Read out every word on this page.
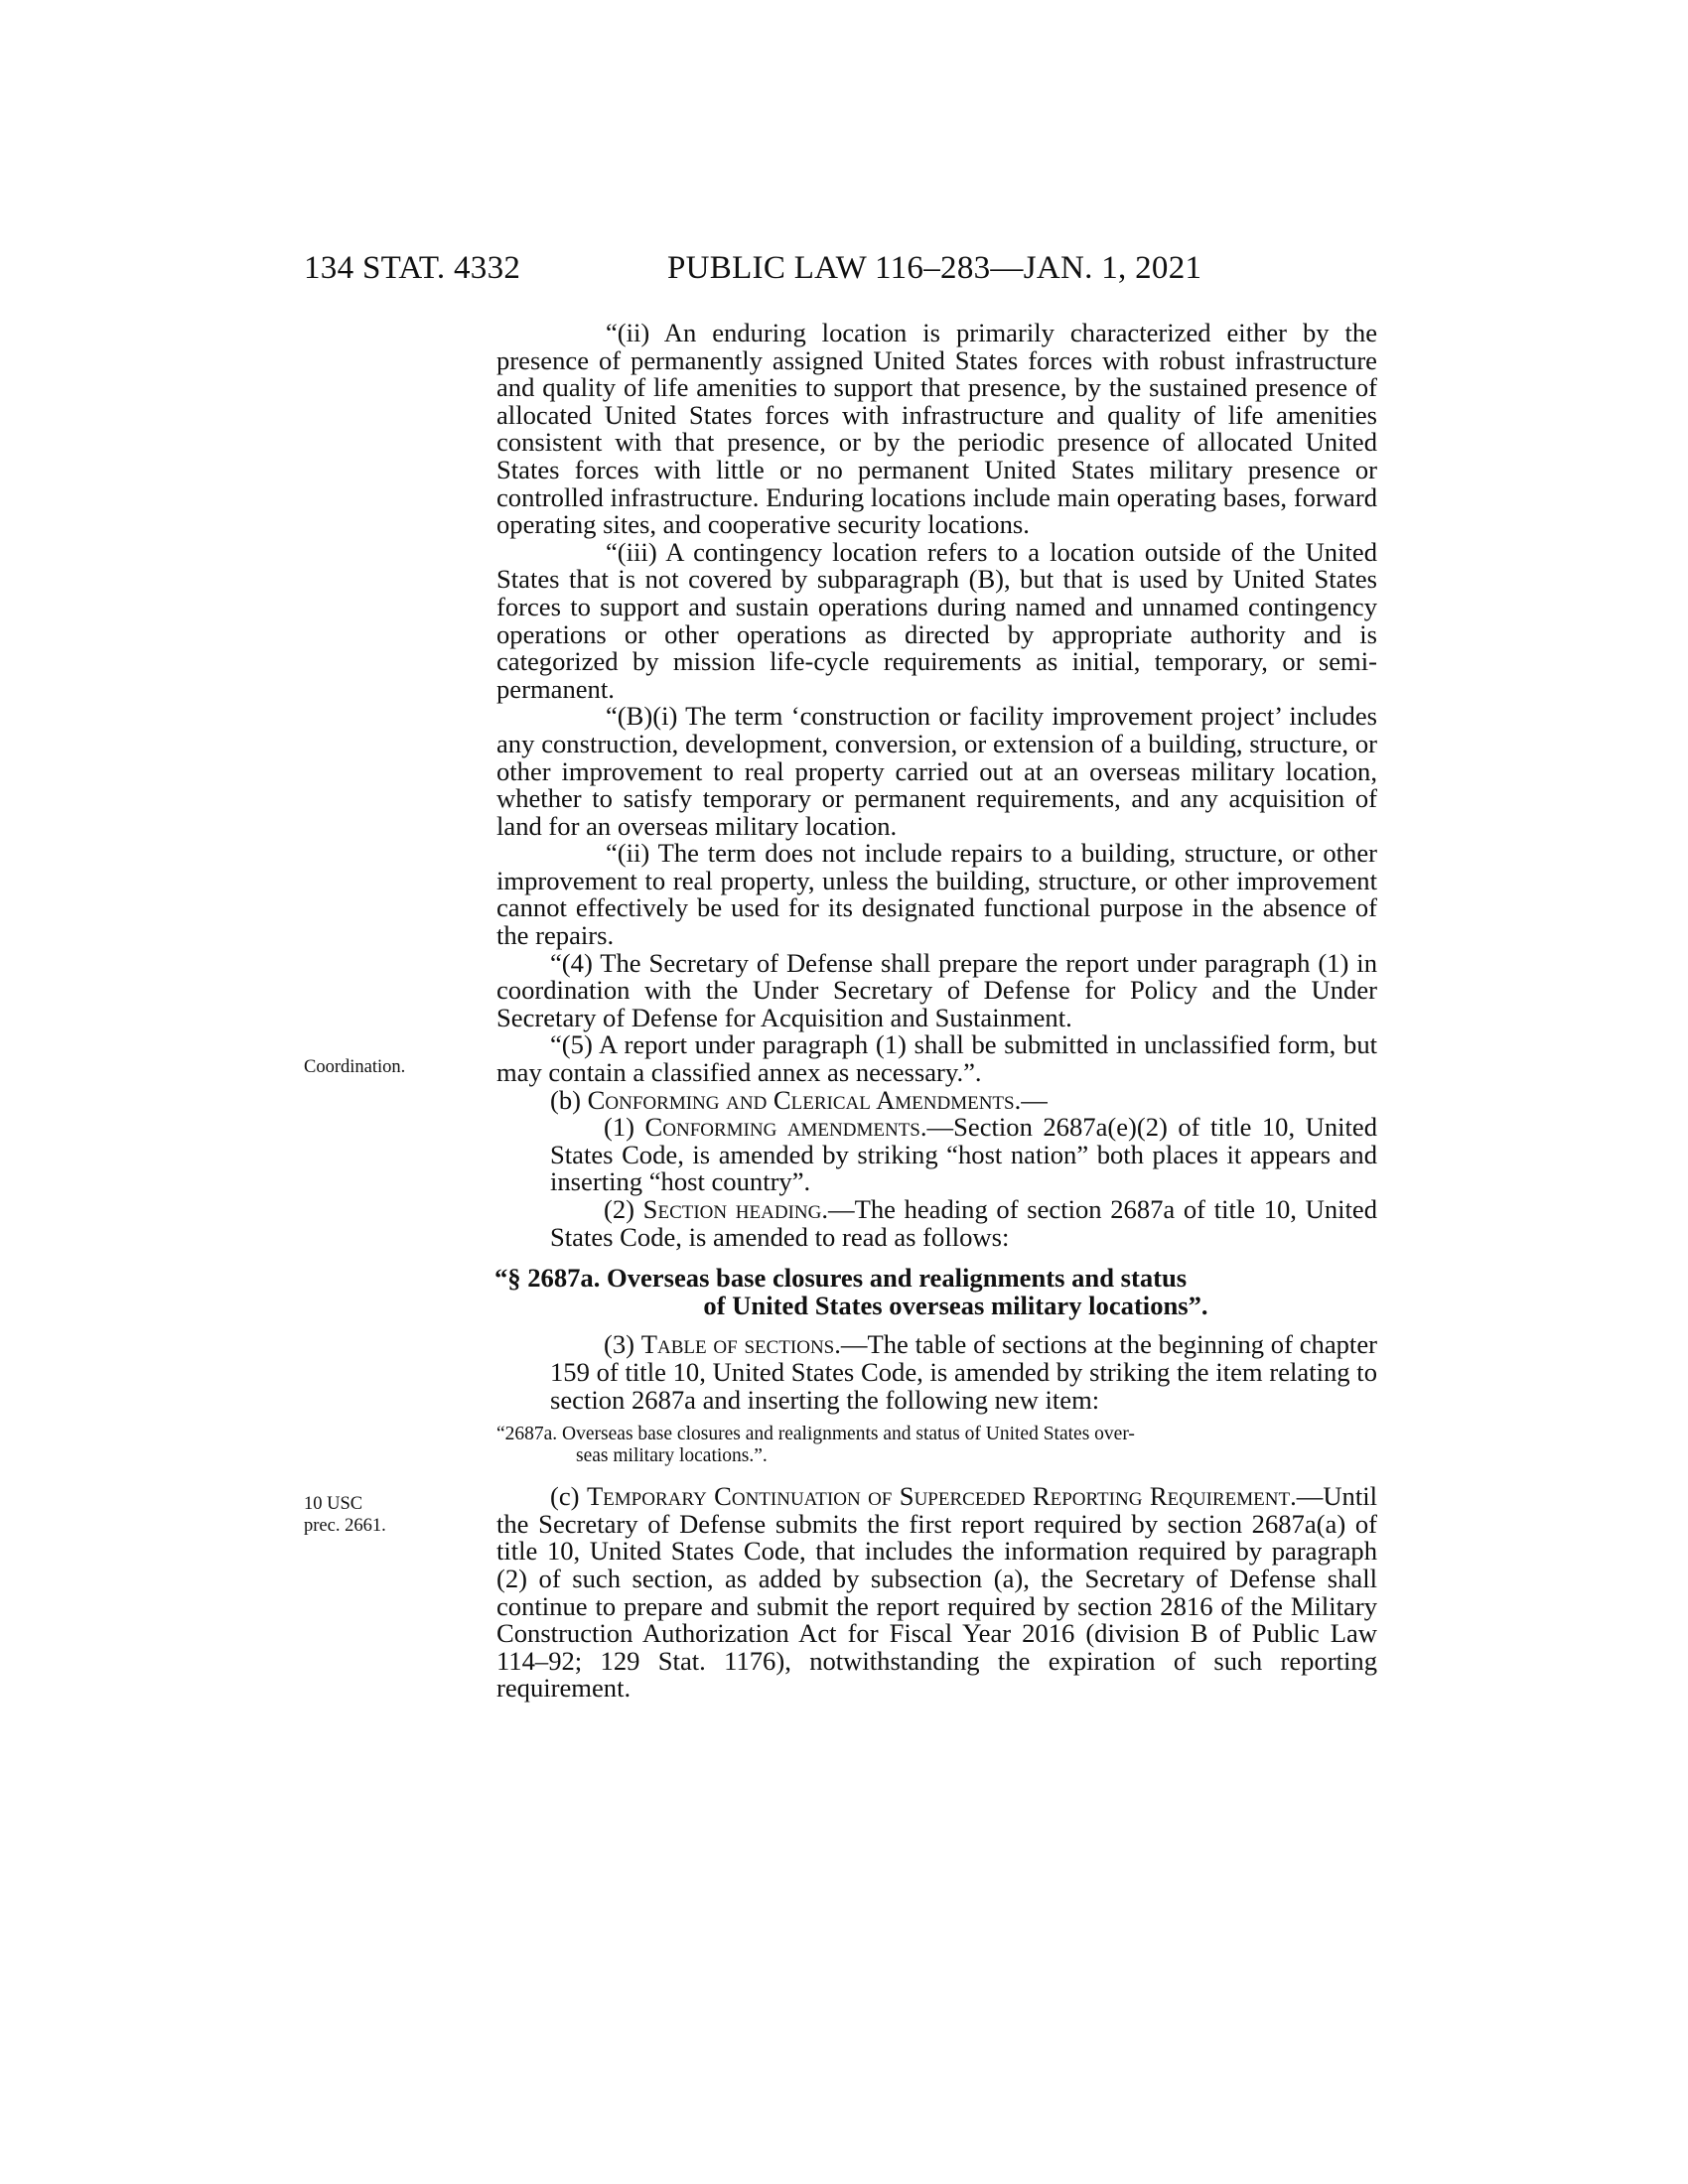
134 STAT. 4332	PUBLIC LAW 116–283—JAN. 1, 2021
Coordination.
10 USC
prec. 2661.

“(ii) An enduring location is primarily characterized either by the presence of permanently assigned United States forces with robust infrastructure and quality of life amenities to support that presence, by the sustained presence of allocated United States forces with infrastructure and quality of life amenities consistent with that presence, or by the periodic presence of allocated United States forces with little or no permanent United States military presence or controlled infrastructure. Enduring locations include main operating bases, forward operating sites, and cooperative security locations.

“(iii) A contingency location refers to a location outside of the United States that is not covered by subparagraph (B), but that is used by United States forces to support and sustain operations during named and unnamed contingency operations or other operations as directed by appropriate authority and is categorized by mission life-cycle requirements as initial, temporary, or semi-permanent.

“(B)(i) The term ‘construction or facility improvement project’ includes any construction, development, conversion, or extension of a building, structure, or other improvement to real property carried out at an overseas military location, whether to satisfy temporary or permanent requirements, and any acquisition of land for an overseas military location.

“(ii) The term does not include repairs to a building, structure, or other improvement to real property, unless the building, structure, or other improvement cannot effectively be used for its designated functional purpose in the absence of the repairs.

“(4) The Secretary of Defense shall prepare the report under paragraph (1) in coordination with the Under Secretary of Defense for Policy and the Under Secretary of Defense for Acquisition and Sustainment.

“(5) A report under paragraph (1) shall be submitted in unclassified form, but may contain a classified annex as necessary.”.

(b) Conforming and Clerical Amendments.—

(1) Conforming amendments.—Section 2687a(e)(2) of title 10, United States Code, is amended by striking “host nation” both places it appears and inserting “host country”.

(2) Section heading.—The heading of section 2687a of title 10, United States Code, is amended to read as follows:

“§ 2687a. Overseas base closures and realignments and status
of United States overseas military locations”.

(3) Table of sections.—The table of sections at the beginning of chapter 159 of title 10, United States Code, is amended by striking the item relating to section 2687a and inserting the following new item:

“2687a. Overseas base closures and realignments and status of United States over-
seas military locations.”.

(c) Temporary Continuation of Superceded Reporting Requirement.—Until the Secretary of Defense submits the first report required by section 2687a(a) of title 10, United States Code, that includes the information required by paragraph (2) of such section, as added by subsection (a), the Secretary of Defense shall continue to prepare and submit the report required by section 2816 of the Military Construction Authorization Act for Fiscal Year 2016 (division B of Public Law 114–92; 129 Stat. 1176), notwithstanding the expiration of such reporting requirement.
